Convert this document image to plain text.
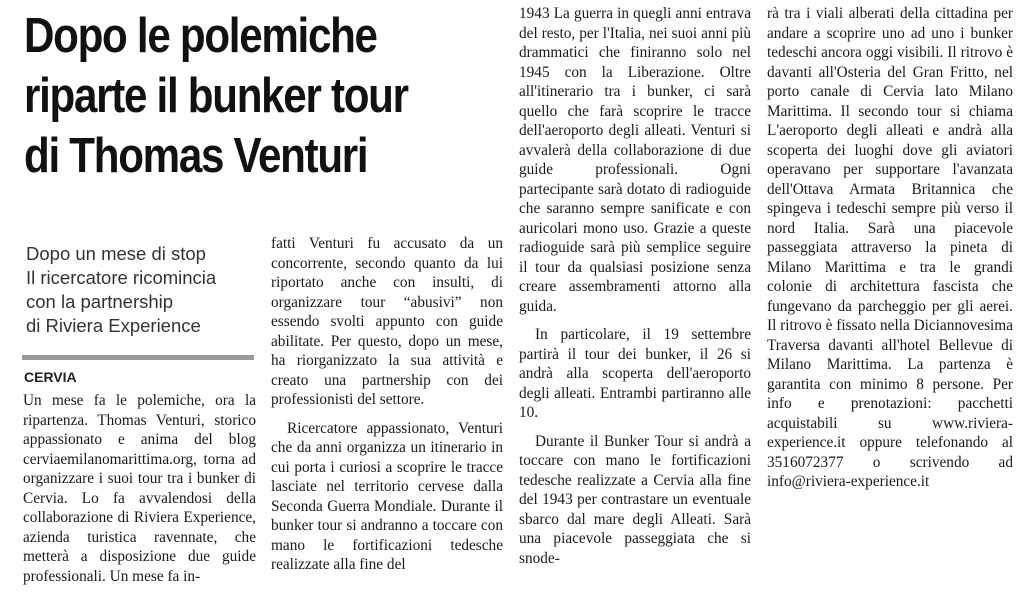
Dopo le polemiche
riparte il bunker tour
di Thomas Venturi
Dopo un mese di stop
Il ricercatore ricomincia
con la partnership
di Riviera Experience
CERVIA

Un mese fa le polemiche, ora la ripartenza. Thomas Venturi, storico appassionato e anima del blog cerviaemilanomarittima.org, torna ad organizzare i suoi tour tra i bunker di Cervia. Lo fa avvalendosi della collaborazione di Riviera Experience, azienda turistica ravennate, che metterà a disposizione due guide professionali. Un mese fa in-

fatti Venturi fu accusato da un concorrente, secondo quanto da lui riportato anche con insulti, di organizzare tour “abusivi” non essendo svolti appunto con guide abilitate. Per questo, dopo un mese, ha riorganizzato la sua attività e creato una partnership con dei professionisti del settore.

Ricercatore appassionato, Venturi che da anni organizza un itinerario in cui porta i curiosi a scoprire le tracce lasciate nel territorio cervese dalla Seconda Guerra Mondiale. Durante il bunker tour si andranno a toccare con mano le fortificazioni tedesche realizzate alla fine del

1943 La guerra in quegli anni entrava del resto, per l'Italia, nei suoi anni più drammatici che finiranno solo nel 1945 con la Liberazione. Oltre all'itinerario tra i bunker, ci sarà quello che farà scoprire le tracce dell'aeroporto degli alleati. Venturi si avvalerà della collaborazione di due guide professionali. Ogni partecipante sarà dotato di radioguide che saranno sempre sanificate e con auricolari mono uso. Grazie a queste radioguide sarà più semplice seguire il tour da qualsiasi posizione senza creare assembramenti attorno alla guida.

In particolare, il 19 settembre partirà il tour dei bunker, il 26 si andrà alla scoperta dell'aeroporto degli alleati. Entrambi partiranno alle 10.

Durante il Bunker Tour si andrà a toccare con mano le fortificazioni tedesche realizzate a Cervia alla fine del 1943 per contrastare un eventuale sbarco dal mare degli Alleati. Sarà una piacevole passeggiata che si snode-

rà tra i viali alberati della cittadina per andare a scoprire uno ad uno i bunker tedeschi ancora oggi visibili. Il ritrovo è davanti all'Osteria del Gran Fritto, nel porto canale di Cervia lato Milano Marittima. Il secondo tour si chiama L'aeroporto degli alleati e andrà alla scoperta dei luoghi dove gli aviatori operavano per supportare l'avanzata dell'Ottava Armata Britannica che spingeva i tedeschi sempre più verso il nord Italia. Sarà una piacevole passeggiata attraverso la pineta di Milano Marittima e tra le grandi colonie di architettura fascista che fungevano da parcheggio per gli aerei. Il ritrovo è fissato nella Diciannovesima Traversa davanti all'hotel Bellevue di Milano Marittima. La partenza è garantita con minimo 8 persone. Per info e prenotazioni: pacchetti acquistabili su www.riviera-experience.it oppure telefonando al 3516072377 o scrivendo ad info@riviera-experience.it
